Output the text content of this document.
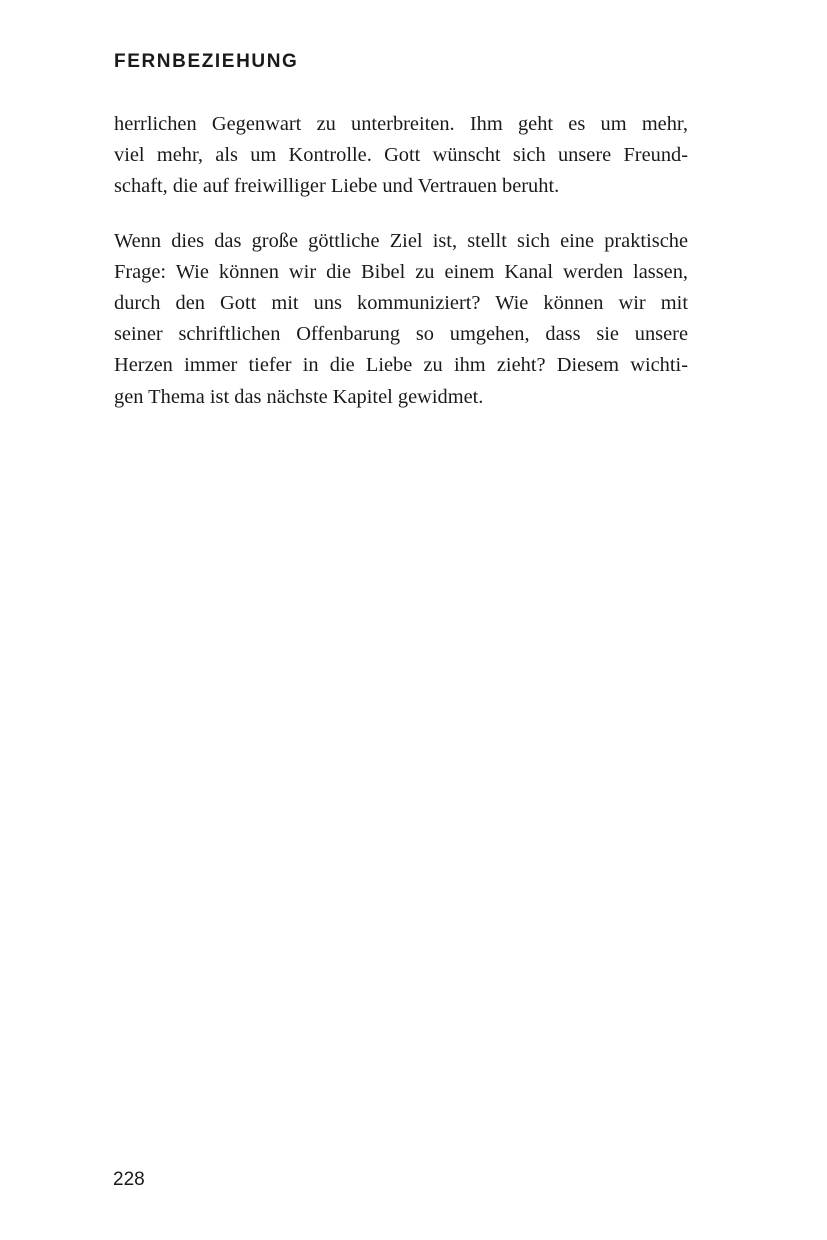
FERNBEZIEHUNG
herrlichen Gegenwart zu unterbreiten. Ihm geht es um mehr,
viel mehr, als um Kontrolle. Gott wünscht sich unsere Freund-
schaft, die auf freiwilliger Liebe und Vertrauen beruht.
Wenn dies das große göttliche Ziel ist, stellt sich eine praktische
Frage: Wie können wir die Bibel zu einem Kanal werden lassen,
durch den Gott mit uns kommuniziert? Wie können wir mit
seiner schriftlichen Offenbarung so umgehen, dass sie unsere
Herzen immer tiefer in die Liebe zu ihm zieht? Diesem wichti-
gen Thema ist das nächste Kapitel gewidmet.
228
